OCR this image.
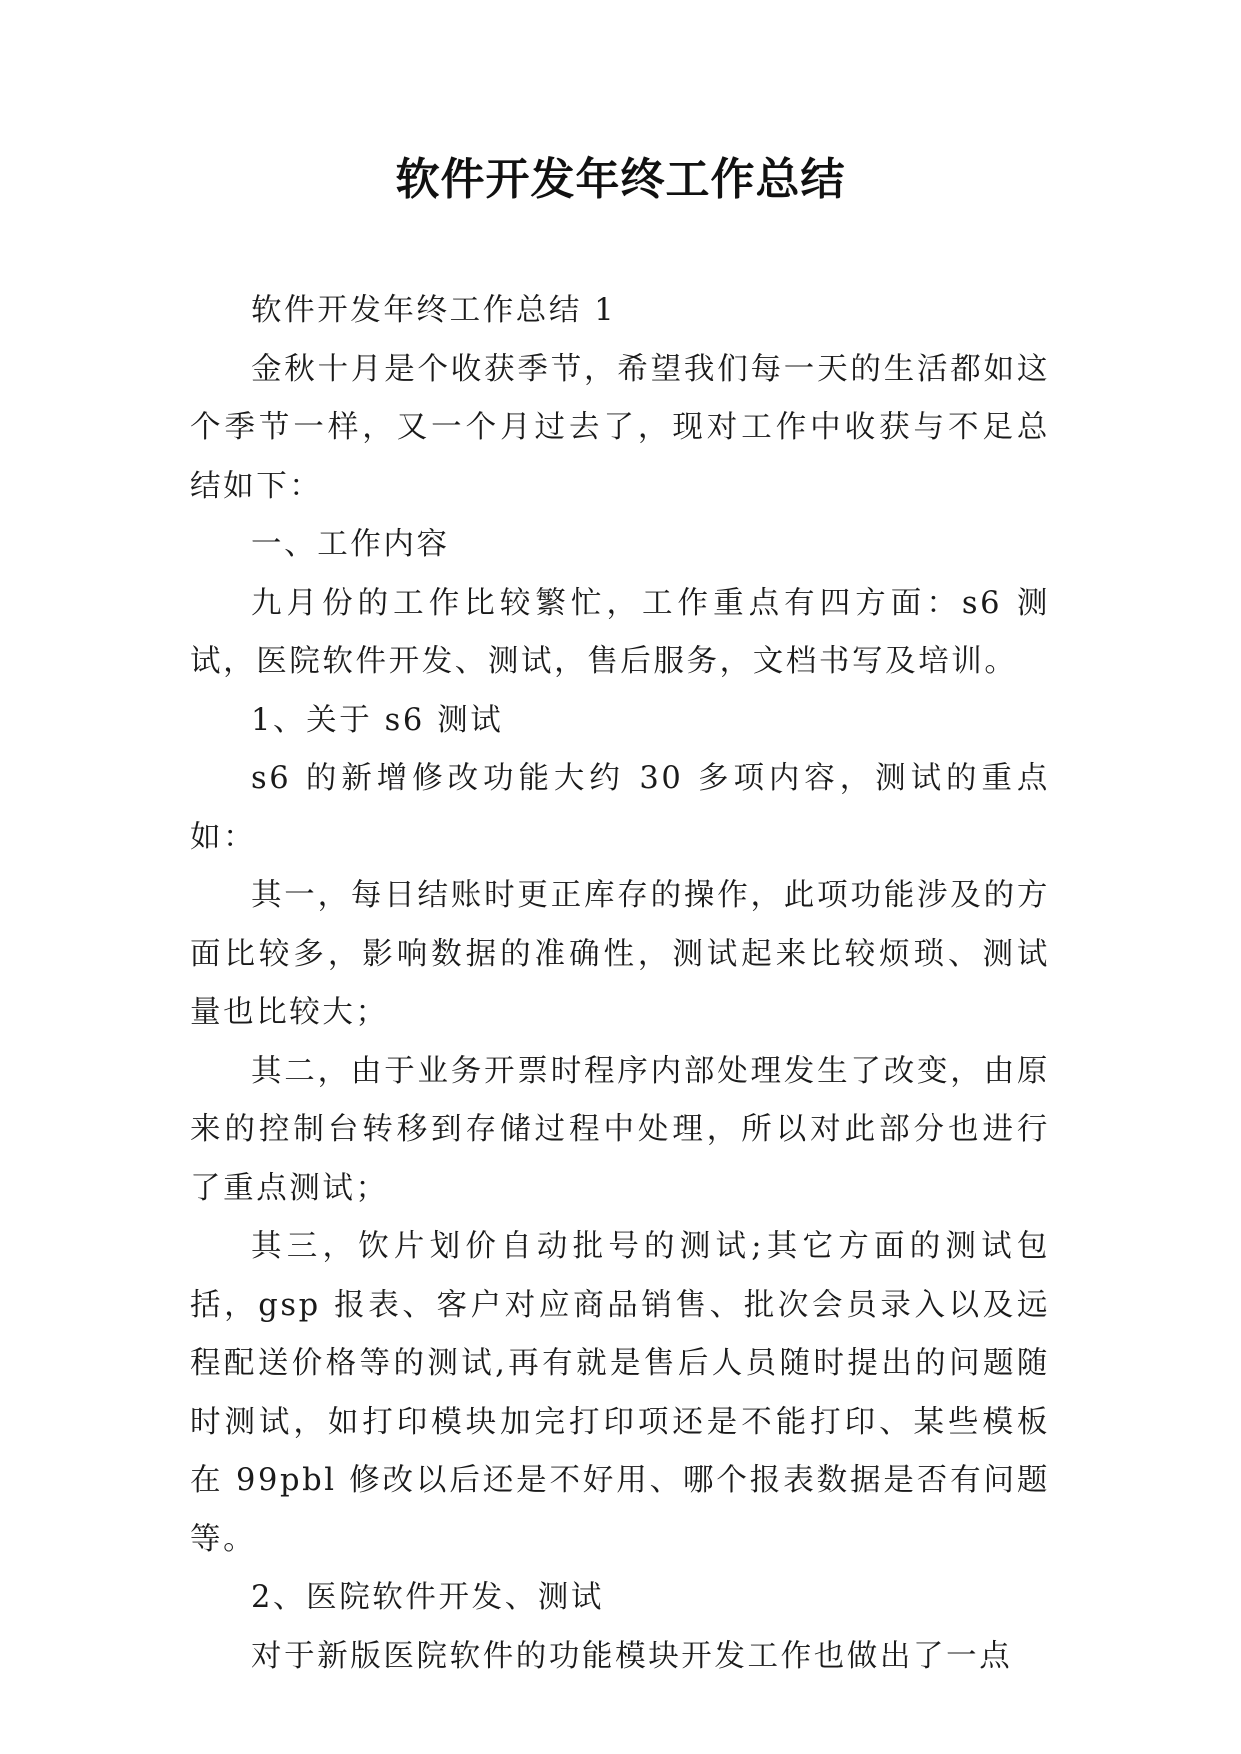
软件开发年终工作总结

软件开发年终工作总结 1

金秋十月是个收获季节，希望我们每一天的生活都如这个季节一样，又一个月过去了，现对工作中收获与不足总结如下：

一、工作内容

九月份的工作比较繁忙，工作重点有四方面：s6 测试，医院软件开发、测试，售后服务，文档书写及培训。

1、关于 s6 测试

s6 的新增修改功能大约 30 多项内容，测试的重点如：

其一，每日结账时更正库存的操作，此项功能涉及的方面比较多，影响数据的准确性，测试起来比较烦琐、测试量也比较大；

其二，由于业务开票时程序内部处理发生了改变，由原来的控制台转移到存储过程中处理，所以对此部分也进行了重点测试；

其三，饮片划价自动批号的测试;其它方面的测试包括，gsp 报表、客户对应商品销售、批次会员录入以及远程配送价格等的测试,再有就是售后人员随时提出的问题随时测试，如打印模块加完打印项还是不能打印、某些模板在 99pbl 修改以后还是不好用、哪个报表数据是否有问题等。

2、医院软件开发、测试

对于新版医院软件的功能模块开发工作也做出了一点
